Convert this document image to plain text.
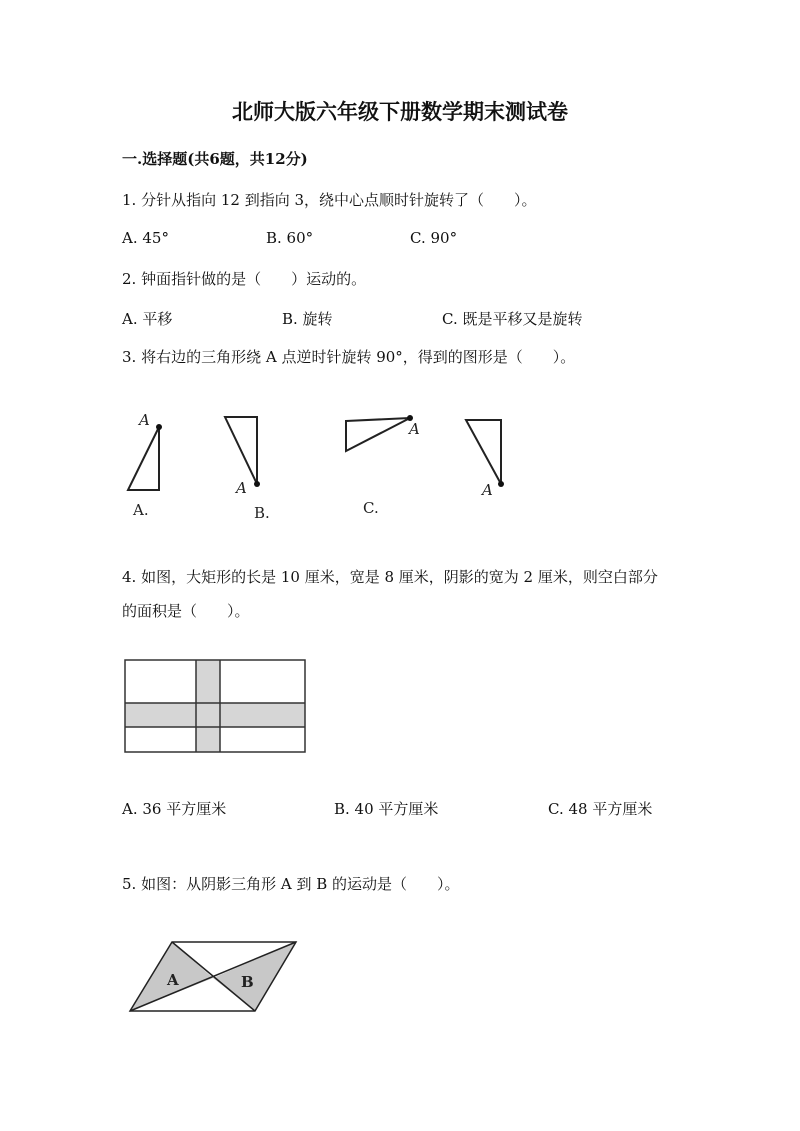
北师大版六年级下册数学期末测试卷
一.选择题(共6题，共12分)
1. 分针从指向 12 到指向 3，绕中心点顺时针旋转了（　　）。
A. 45°	B. 60°	C. 90°
2. 钟面指针做的是（　　）运动的。
A. 平移	B. 旋转	C. 既是平移又是旋转
3. 将右边的三角形绕 A 点逆时针旋转 90°，得到的图形是（　　）。
A
A.
A
B.
A
C.
A
4. 如图，大矩形的长是 10 厘米，宽是 8 厘米，阴影的宽为 2 厘米，则空白部分
的面积是（　　）。
A. 36 平方厘米	B. 40 平方厘米	C. 48 平方厘米
5. 如图：从阴影三角形 A 到 B 的运动是（　　）。
A	B
